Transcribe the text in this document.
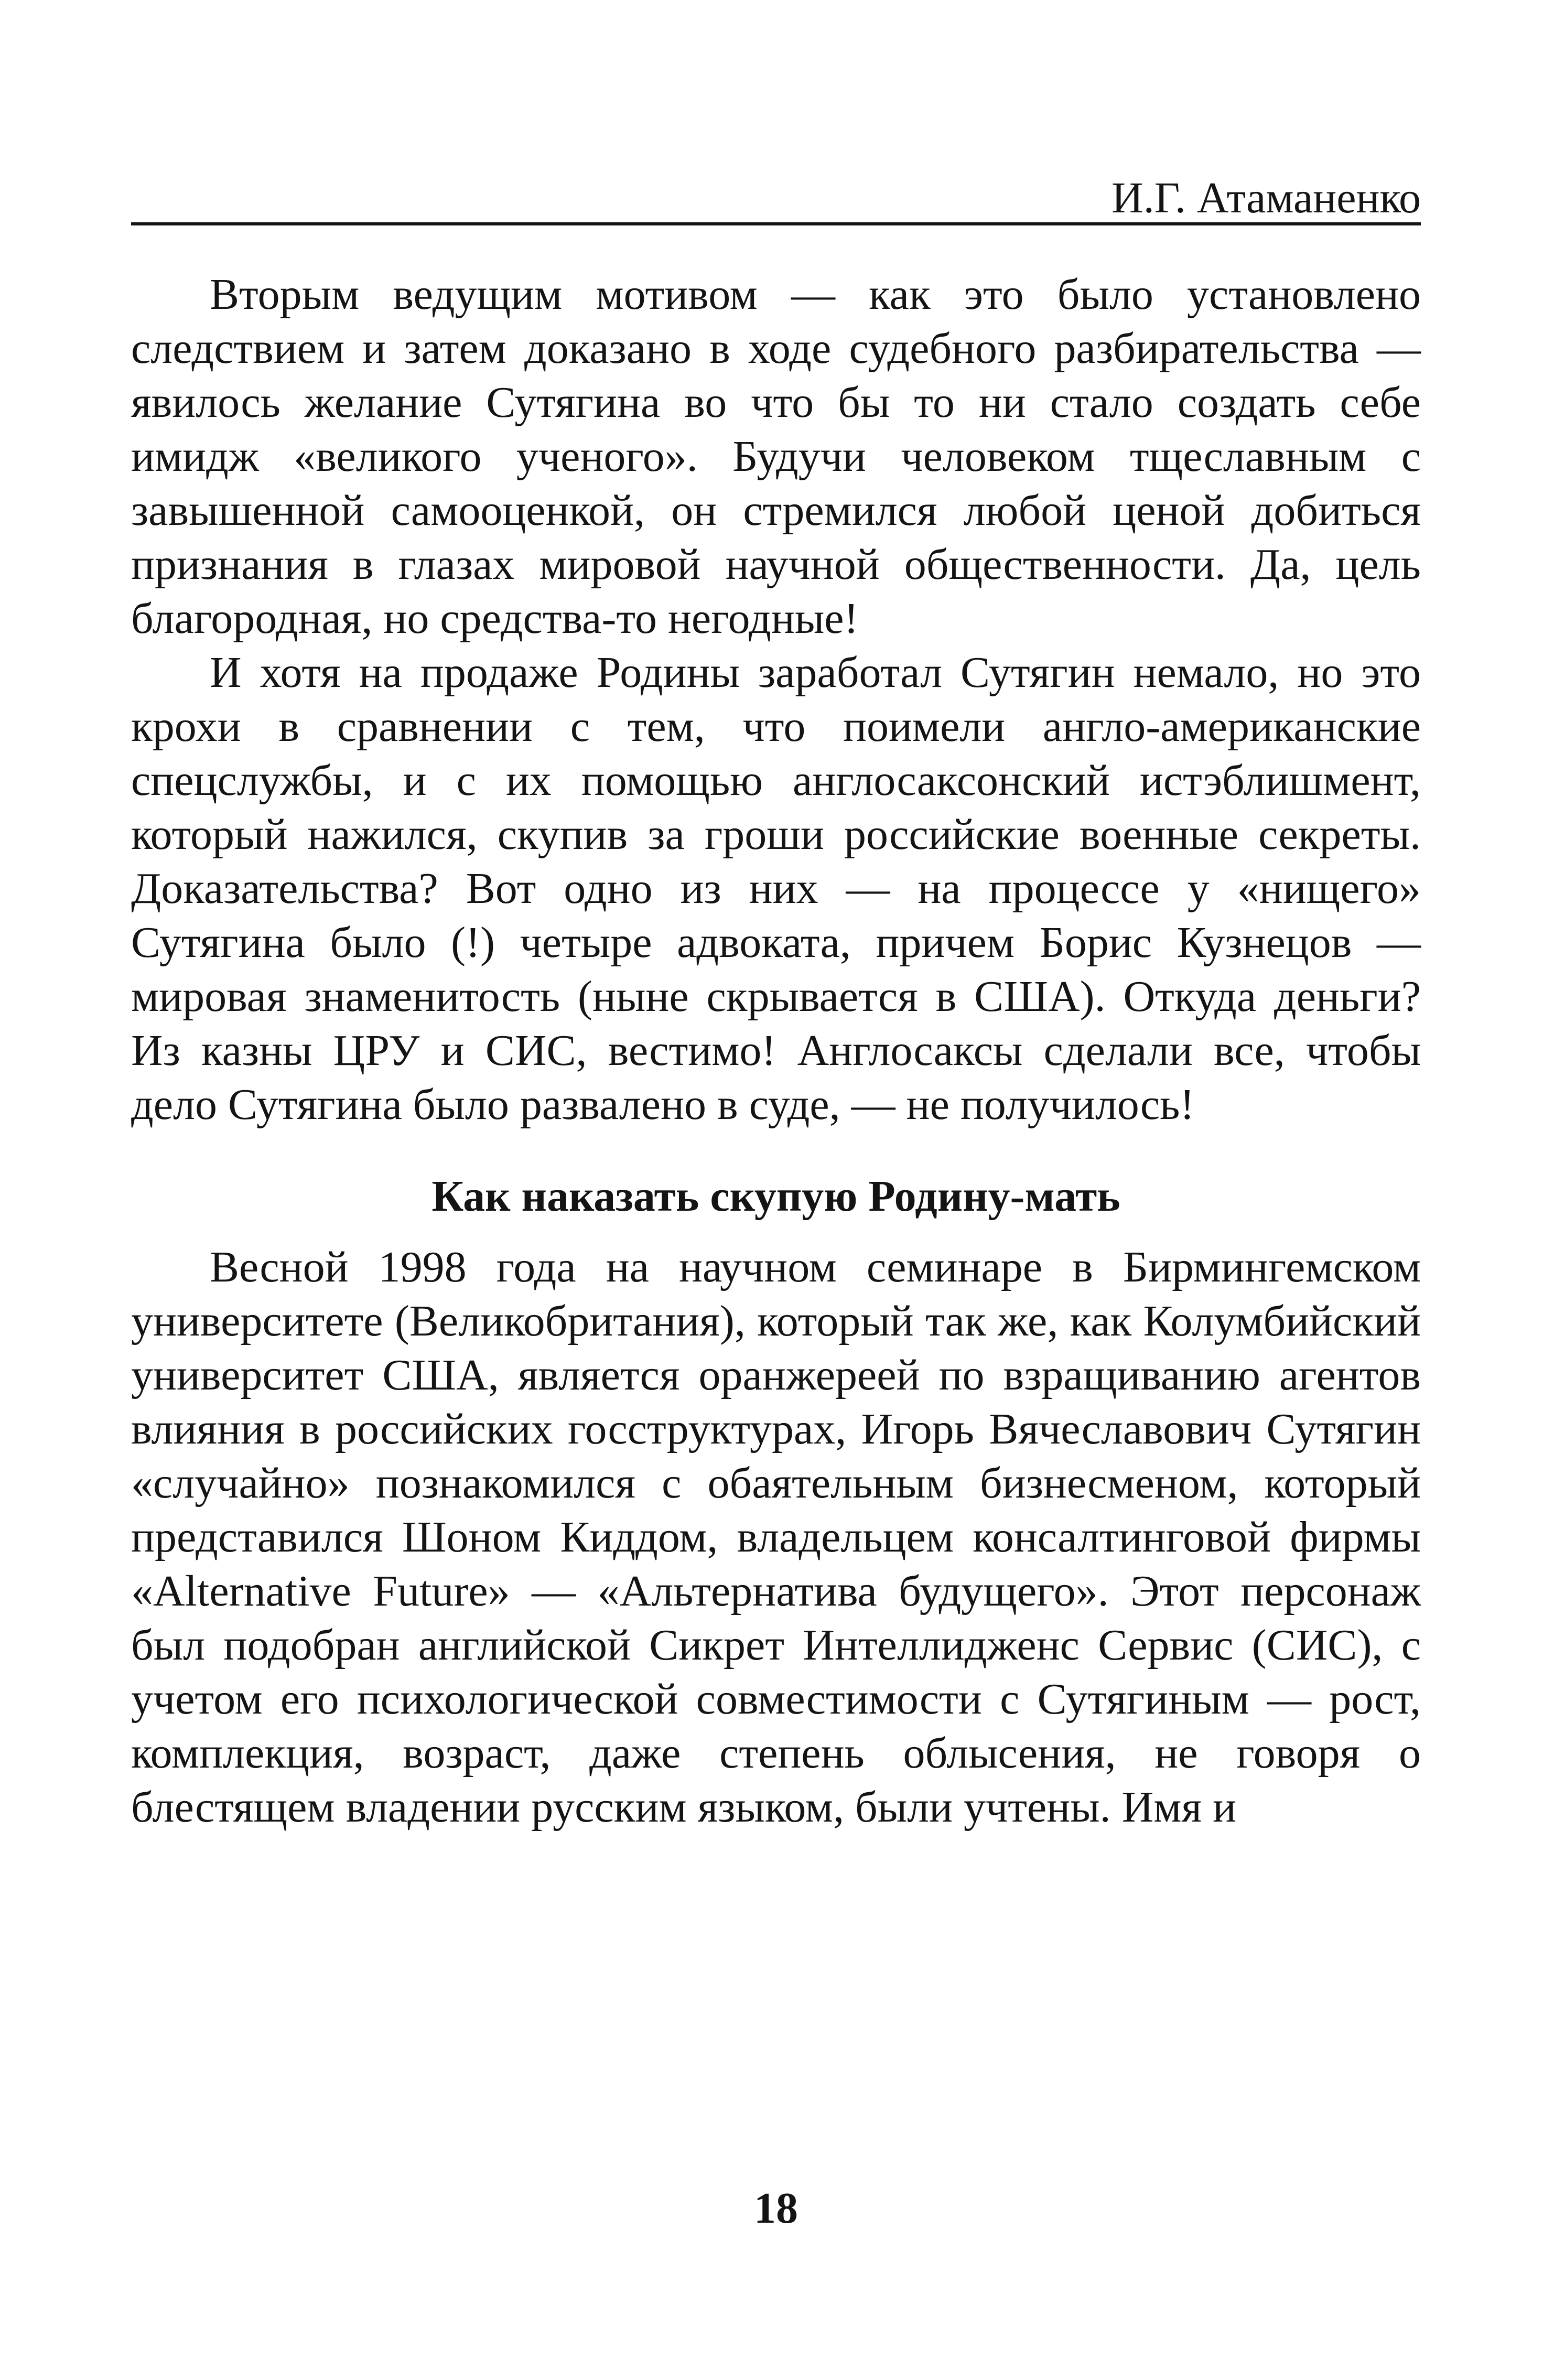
И.Г. Атаманенко

Вторым ведущим мотивом — как это было установлено следствием и затем доказано в ходе судебного разбирательства — явилось желание Сутягина во что бы то ни стало создать себе имидж «великого ученого». Будучи человеком тщеславным с завышенной самооценкой, он стремился любой ценой добиться признания в глазах мировой научной общественности. Да, цель благородная, но средства-то негодные!

И хотя на продаже Родины заработал Сутягин немало, но это крохи в сравнении с тем, что поимели англо-американские спецслужбы, и с их помощью англосаксонский истэблишмент, который нажился, скупив за гроши российские военные секреты. Доказательства? Вот одно из них — на процессе у «нищего» Сутягина было (!) четыре адвоката, причем Борис Кузнецов — мировая знаменитость (ныне скрывается в США). Откуда деньги? Из казны ЦРУ и СИС, вестимо! Англосаксы сделали все, чтобы дело Сутягина было развалено в суде, — не получилось!

Как наказать скупую Родину-мать

Весной 1998 года на научном семинаре в Бирмингемском университете (Великобритания), который так же, как Колумбийский университет США, является оранжереей по взращиванию агентов влияния в российских госструктурах, Игорь Вячеславович Сутягин «случайно» познакомился с обаятельным бизнесменом, который представился Шоном Киддом, владельцем консалтинговой фирмы «Alternative Future» — «Альтернатива будущего». Этот персонаж был подобран английской Сикрет Интеллидженс Сервис (СИС), с учетом его психологической совместимости с Сутягиным — рост, комплекция, возраст, даже степень облысения, не говоря о блестящем владении русским языком, были учтены. Имя и

18
